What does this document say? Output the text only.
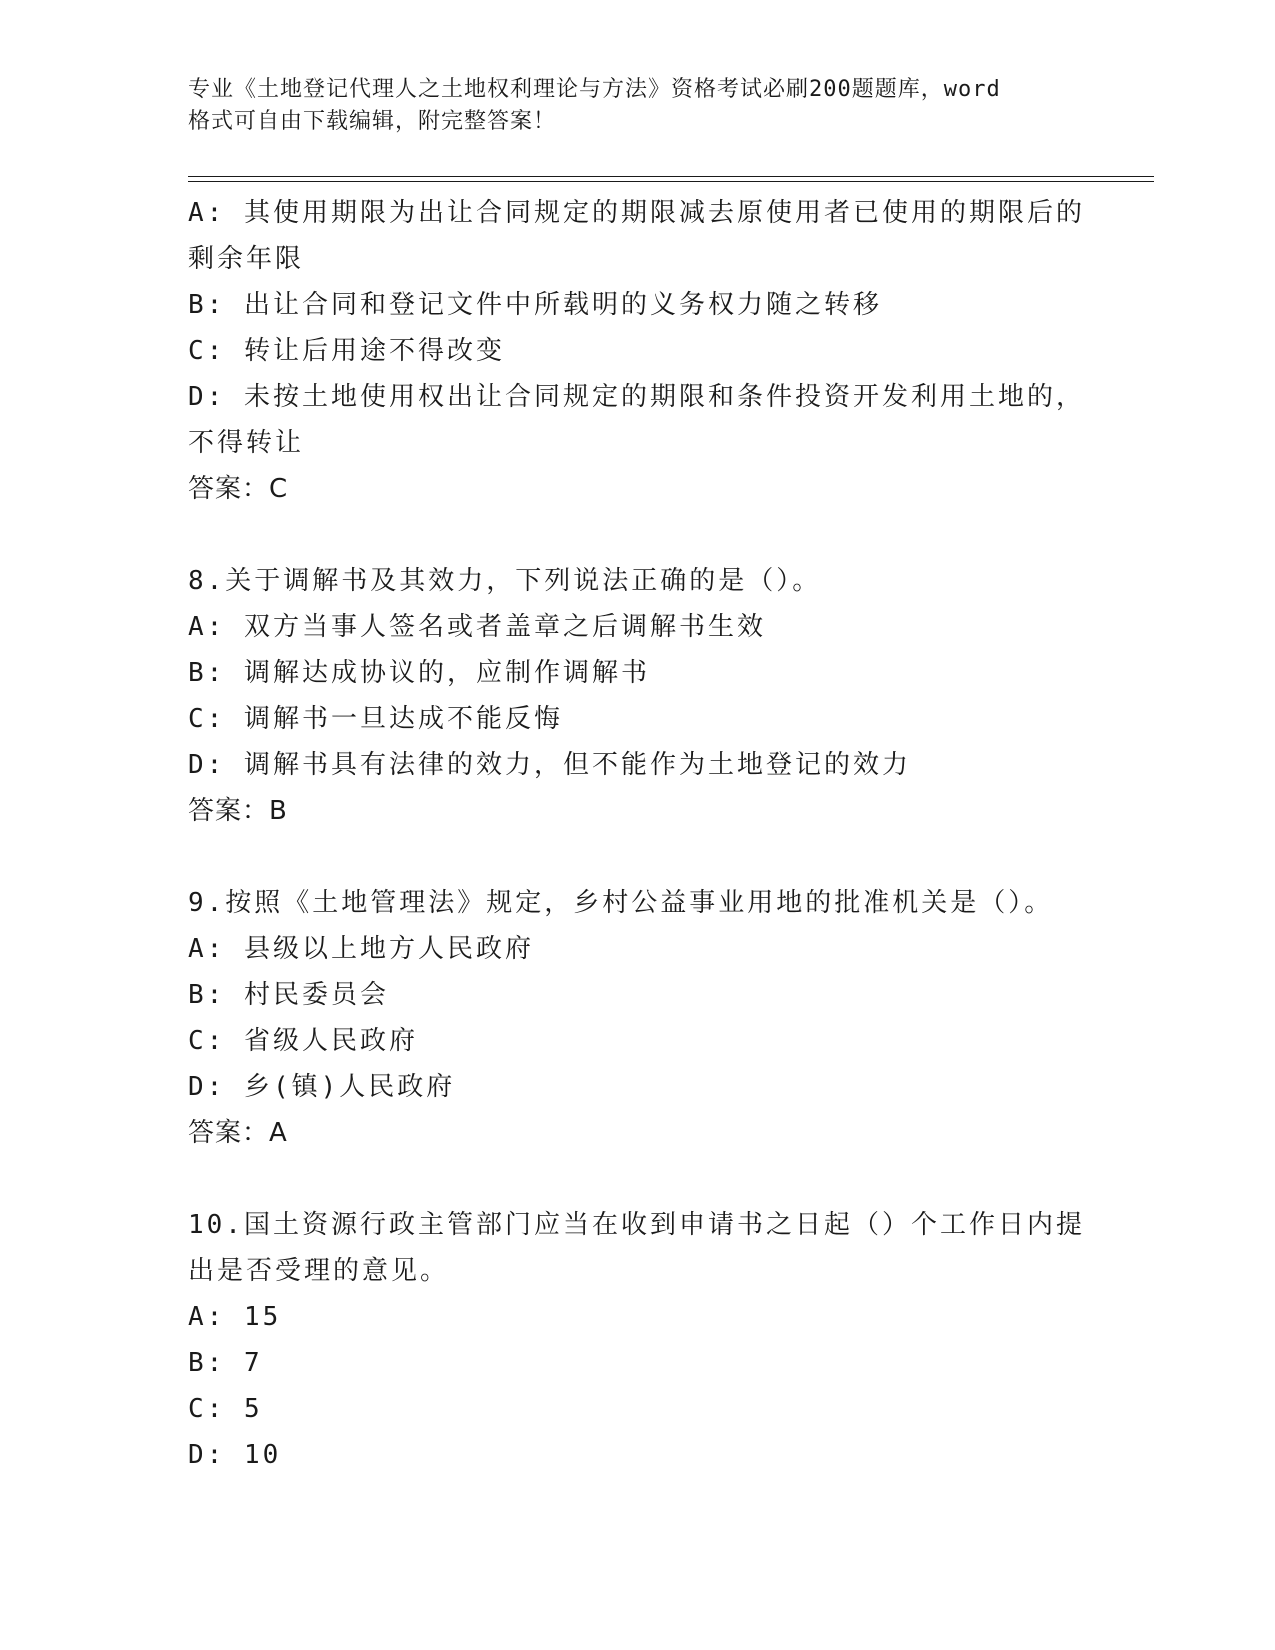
专业《土地登记代理人之土地权利理论与方法》资格考试必刷200题题库，word
格式可自由下载编辑，附完整答案！
A: 其使用期限为出让合同规定的期限减去原使用者已使用的期限后的
剩余年限
B: 出让合同和登记文件中所载明的义务权力随之转移
C: 转让后用途不得改变
D: 未按土地使用权出让合同规定的期限和条件投资开发利用土地的，
不得转让
答案：C
8.关于调解书及其效力，下列说法正确的是（）。
A: 双方当事人签名或者盖章之后调解书生效
B: 调解达成协议的，应制作调解书
C: 调解书一旦达成不能反悔
D: 调解书具有法律的效力，但不能作为土地登记的效力
答案：B
9.按照《土地管理法》规定，乡村公益事业用地的批准机关是（）。
A: 县级以上地方人民政府
B: 村民委员会
C: 省级人民政府
D: 乡(镇)人民政府
答案：A
10.国土资源行政主管部门应当在收到申请书之日起（）个工作日内提
出是否受理的意见。
A: 15
B: 7
C: 5
D: 10
